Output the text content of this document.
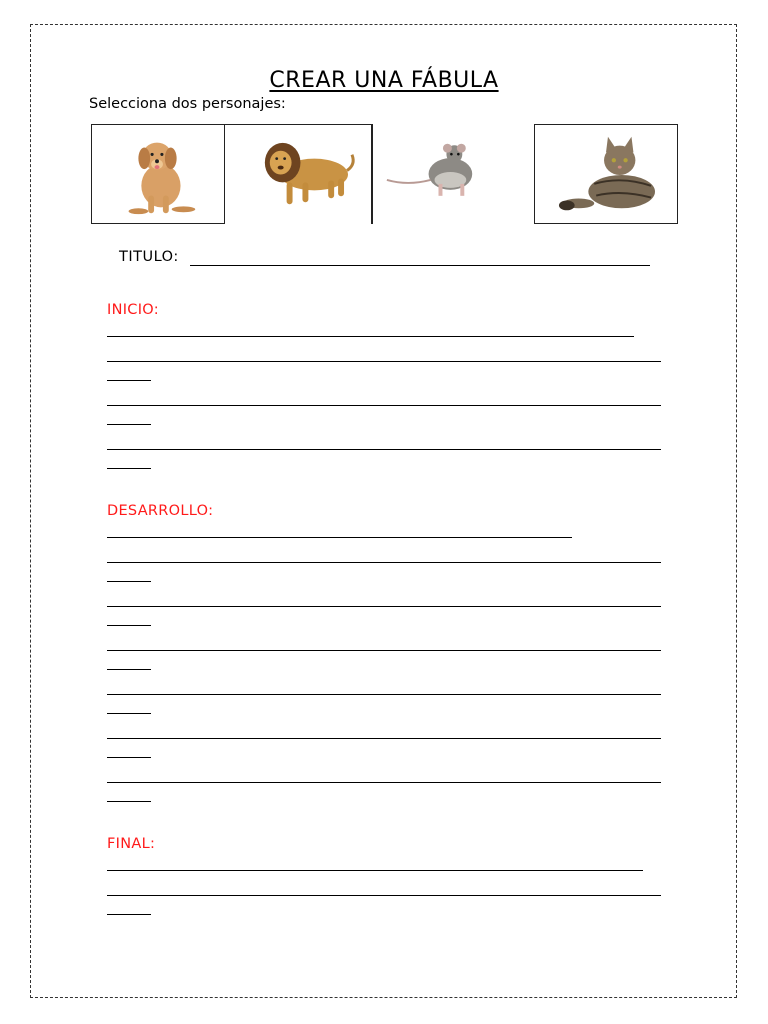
CREAR UNA FÁBULA
Selecciona dos personajes:
TITULO:
INICIO:
DESARROLLO:
FINAL:
